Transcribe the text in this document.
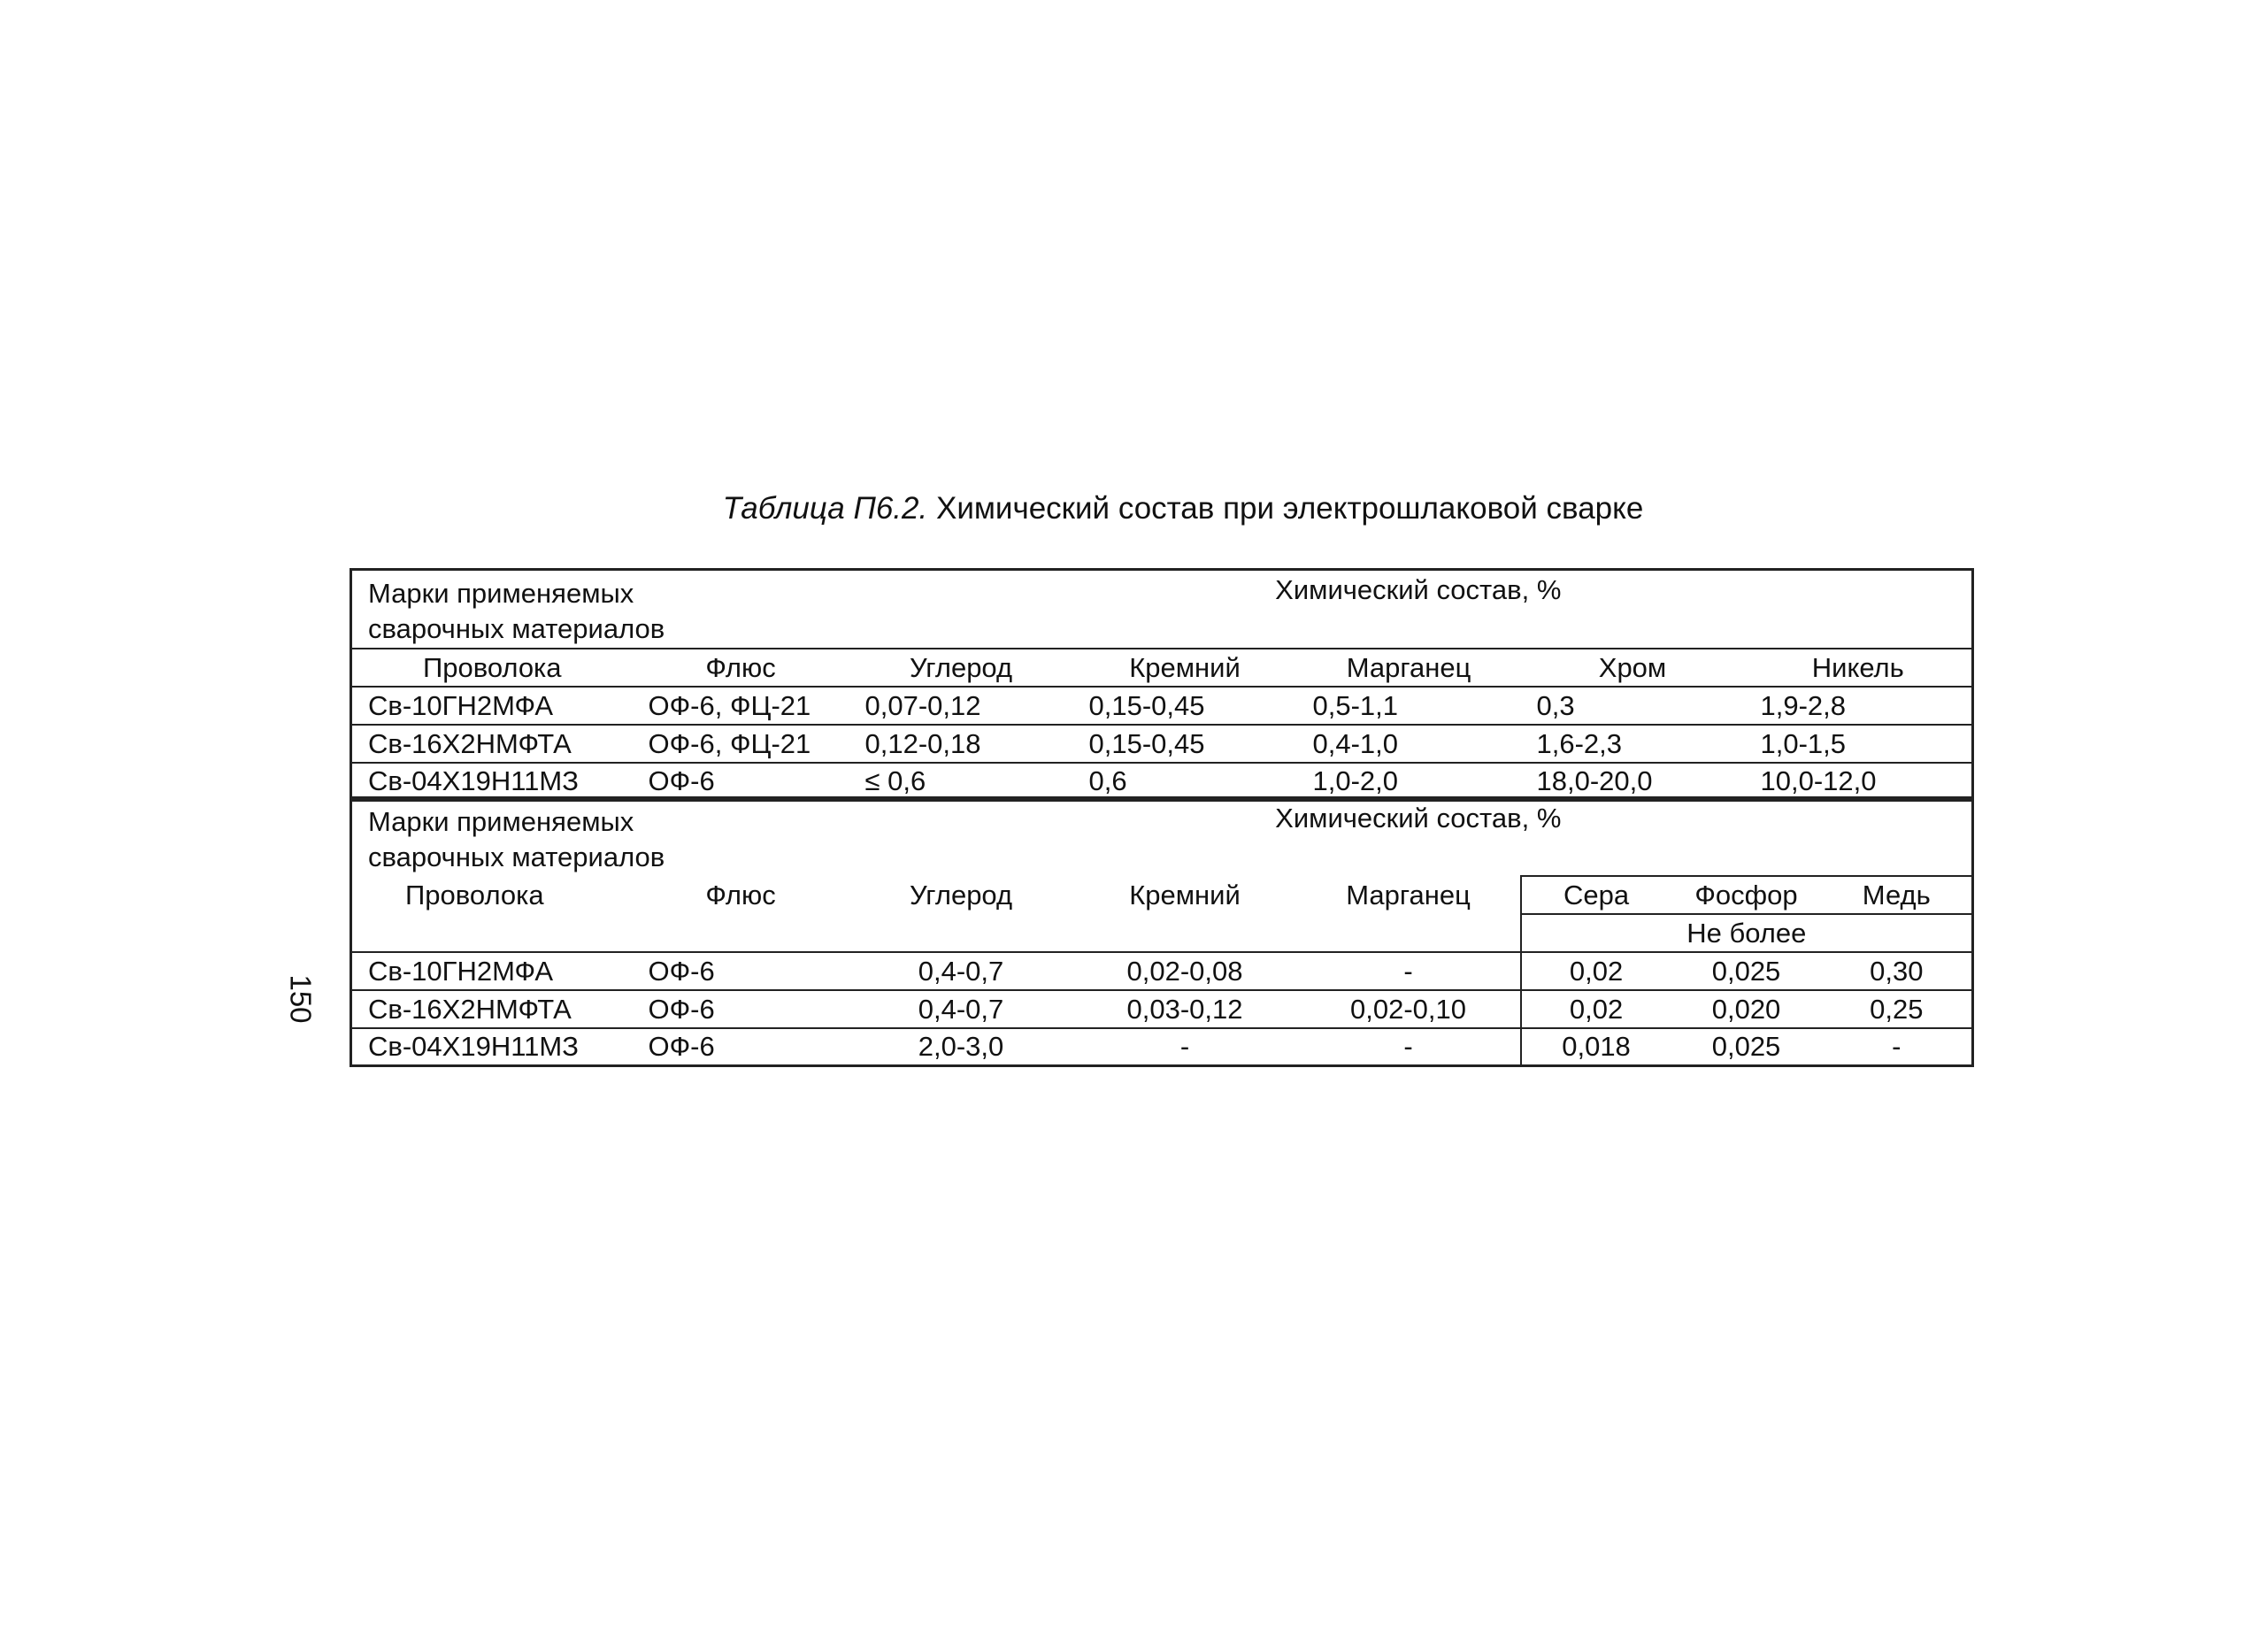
Таблица П6.2. Химический состав при электрошлаковой сварке
150
Марки применяемых сварочных материалов		Химический состав, %				
Проволока	Флюс	Углерод	Кремний	Марганец	Хром	Никель
Св-10ГН2МФА	ОФ-6, ФЦ-21	0,07-0,12	0,15-0,45	0,5-1,1	0,3	1,9-2,8
Св-16Х2НМФТА	ОФ-6, ФЦ-21	0,12-0,18	0,15-0,45	0,4-1,0	1,6-2,3	1,0-1,5
Св-04Х19Н11МЗ	ОФ-6	≤ 0,6	0,6	1,0-2,0	18,0-20,0	10,0-12,0
Марки применяемых сварочных материалов		Химический состав, %					
Проволока	Флюс	Углерод	Кремний	Марганец	Сера	Фосфор	Медь
					Не более		
Св-10ГН2МФА	ОФ-6	0,4-0,7	0,02-0,08	-	0,02	0,025	0,30
Св-16Х2НМФТА	ОФ-6	0,4-0,7	0,03-0,12	0,02-0,10	0,02	0,020	0,25
Св-04Х19Н11МЗ	ОФ-6	2,0-3,0	-	-	0,018	0,025	-
